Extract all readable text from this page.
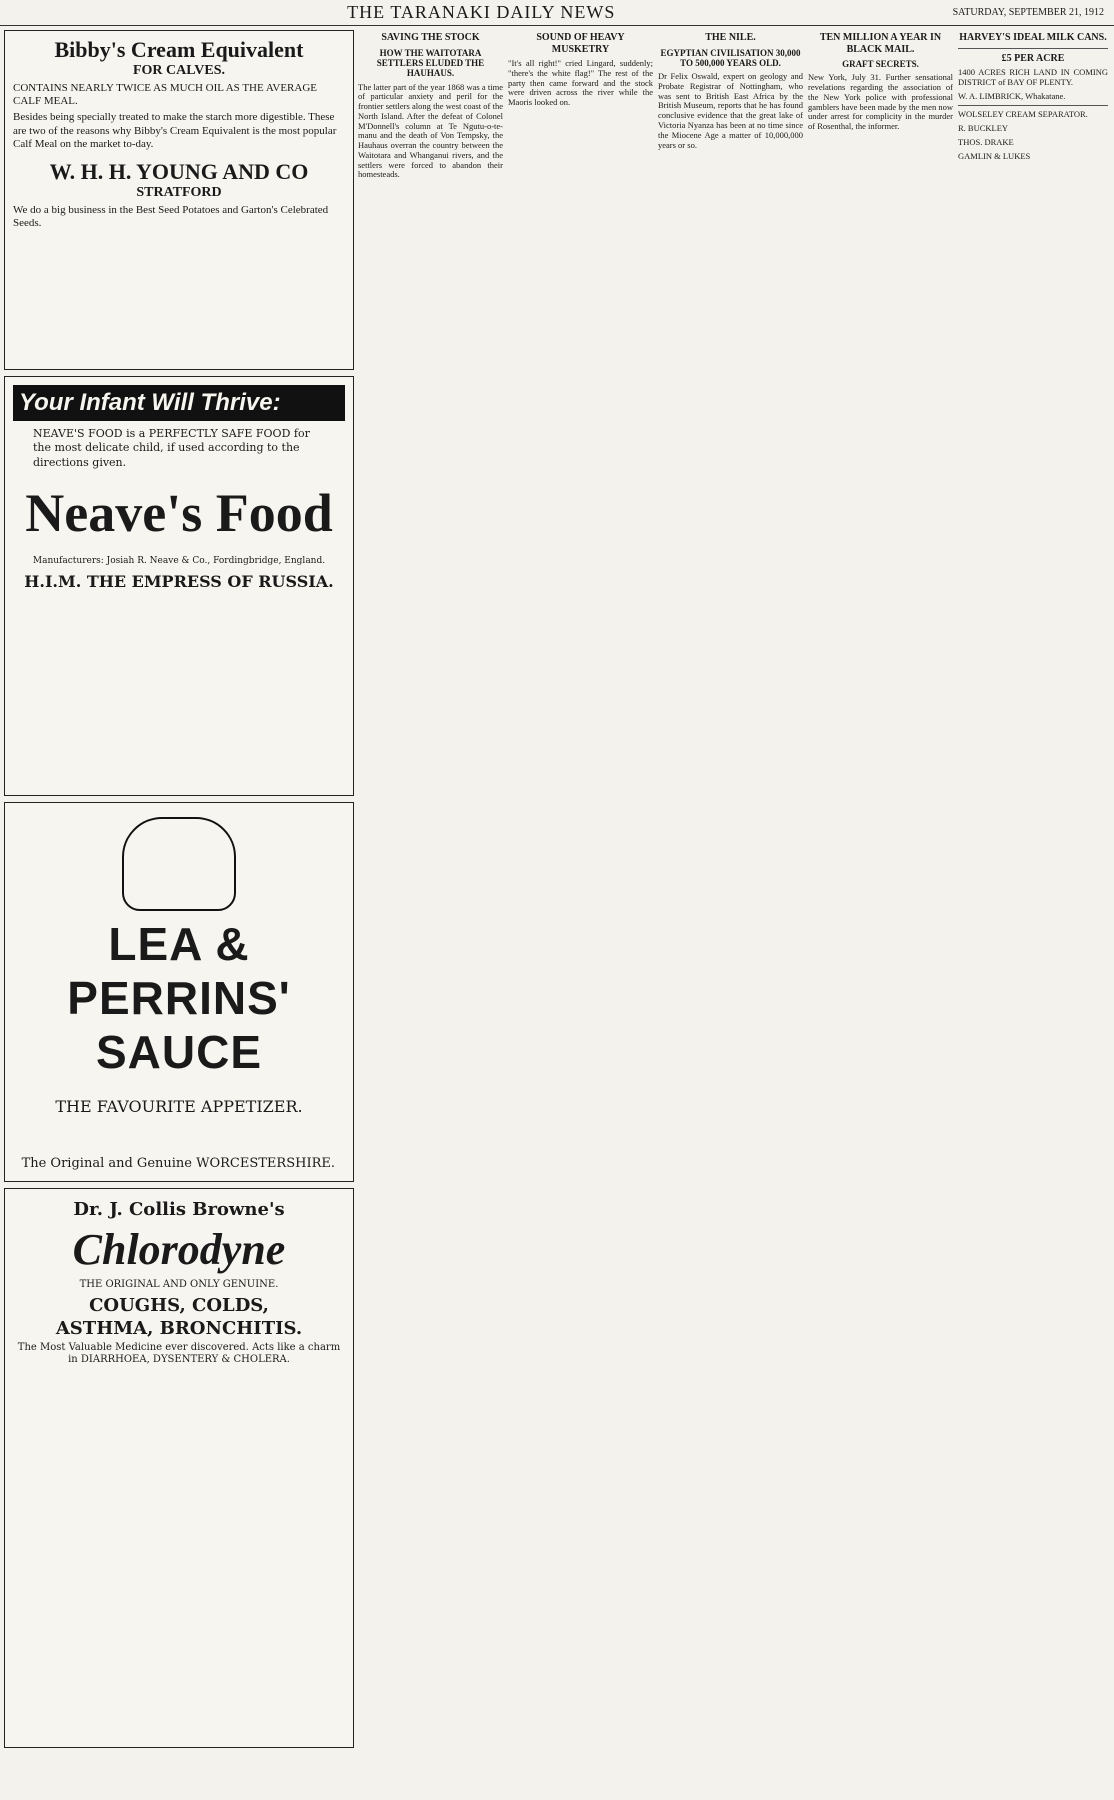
THE TARANAKI DAILY NEWS	SATURDAY, SEPTEMBER 21, 1912
Bibby's Cream Equivalent
FOR CALVES.

CONTAINS NEARLY TWICE AS MUCH OIL AS THE AVERAGE CALF MEAL.

Besides being specially treated to make the starch more digestible. These are two of the reasons why Bibby's Cream Equivalent is the most popular Calf Meal on the market to-day.

W. H. H. YOUNG AND CO
STRATFORD

We do a big business in the Best Seed Potatoes and Garton's Celebrated Seeds.

Your Infant Will Thrive:
NEAVE'S FOOD is a PERFECTLY SAFE FOOD for the most delicate child, if used according to the directions given.
Neave's Food
Manufacturers: Josiah R. Neave & Co., Fordingbridge, England.
H.I.M. THE EMPRESS OF RUSSIA.
LEA & PERRINS'
SAUCE
THE FAVOURITE APPETIZER.
The Original and Genuine WORCESTERSHIRE.
Dr. J. Collis Browne's
Chlorodyne
THE ORIGINAL AND ONLY GENUINE.
COUGHS, COLDS,
ASTHMA, BRONCHITIS.
The Most Valuable Medicine ever discovered. Acts like a charm in DIARRHOEA, DYSENTERY & CHOLERA.
SAVING THE STOCK
HOW THE WAITOTARA SETTLERS ELUDED THE HAUHAUS.

The latter part of the year 1868 was a time of particular anxiety and peril for the frontier settlers along the west coast of the North Island. After the defeat of Colonel M'Donnell's column at Te Ngutu-o-te-manu and the death of Von Tempsky, the Hauhaus overran the country between the Waitotara and Whanganui rivers, and the settlers were forced to abandon their homesteads.

SOUND OF HEAVY MUSKETRY

"It's all right!" cried Lingard, suddenly; "there's the white flag!" The rest of the party then came forward and the stock were driven across the river while the Maoris looked on.

THE NILE.
EGYPTIAN CIVILISATION 30,000 TO 500,000 YEARS OLD.

Dr Felix Oswald, expert on geology and Probate Registrar of Nottingham, who was sent to British East Africa by the British Museum, reports that he has found conclusive evidence that the great lake of Victoria Nyanza has been at no time since the Miocene Age a matter of 10,000,000 years or so.

TEN MILLION A YEAR IN BLACK MAIL.
GRAFT SECRETS.

New York, July 31. Further sensational revelations regarding the association of the New York police with professional gamblers have been made by the men now under arrest for complicity in the murder of Rosenthal, the informer.

HARVEY'S IDEAL MILK CANS.
£5 PER ACRE

1400 ACRES RICH LAND IN COMING DISTRICT of BAY OF PLENTY.

W. A. LIMBRICK, Whakatane.

WOLSELEY CREAM SEPARATOR.

R. BUCKLEY

THOS. DRAKE

GAMLIN & LUKES
